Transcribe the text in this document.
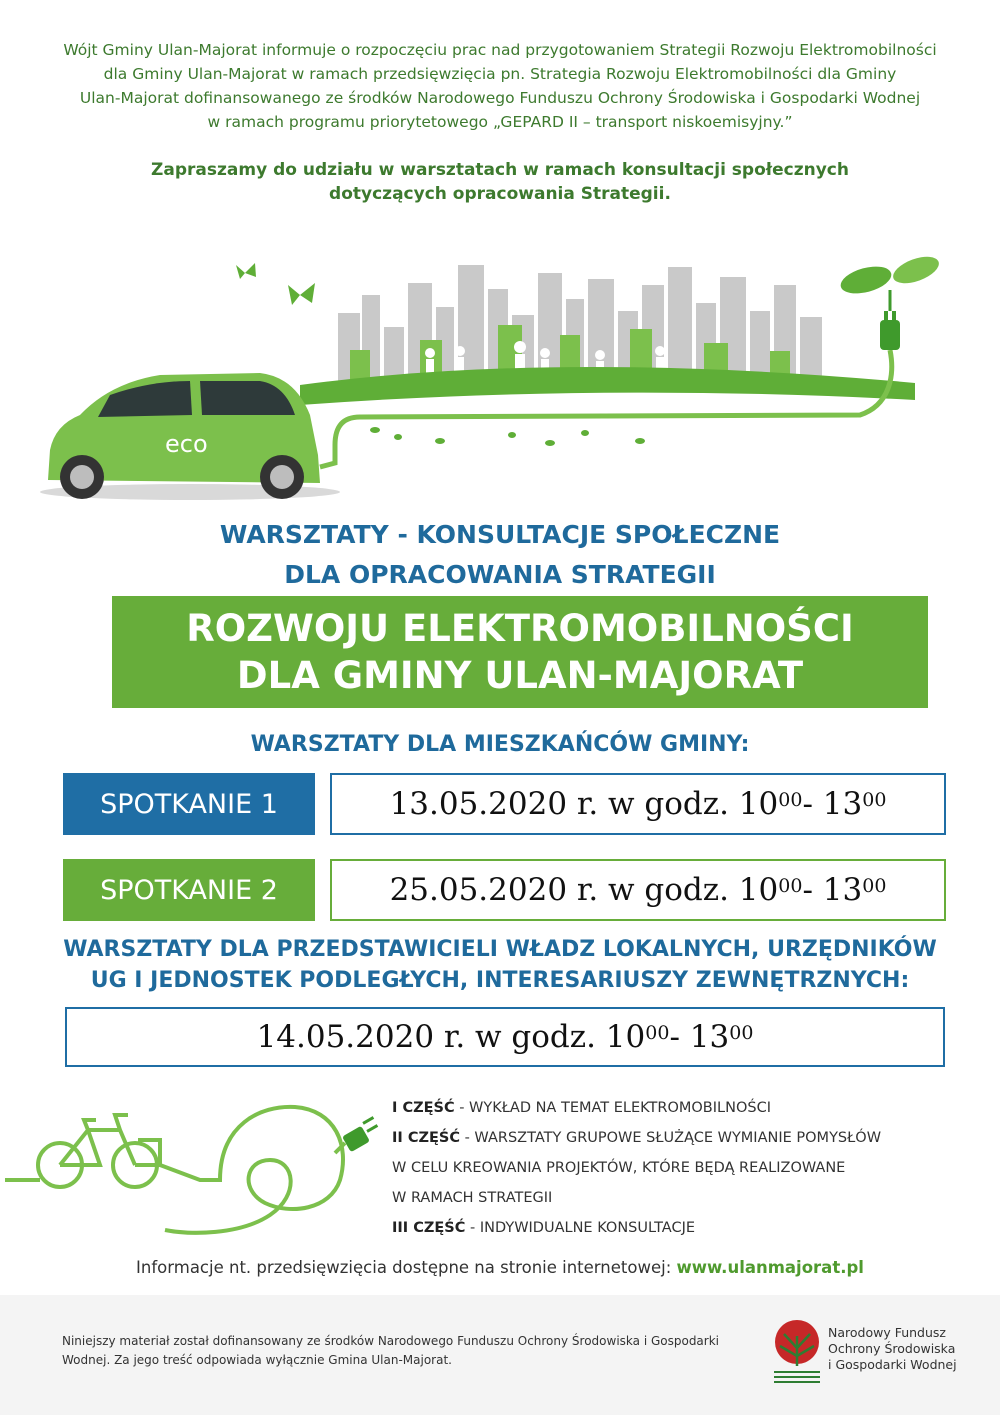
Wójt Gminy Ulan-Majorat informuje o rozpoczęciu prac nad przygotowaniem Strategii Rozwoju Elektromobilności
dla Gminy Ulan-Majorat w ramach przedsięwzięcia pn. Strategia Rozwoju Elektromobilności dla Gminy
Ulan-Majorat dofinansowanego ze środków Narodowego Funduszu Ochrony Środowiska i Gospodarki Wodnej
w ramach programu priorytetowego „GEPARD II – transport niskoemisyjny.”
Zapraszamy do udziału w warsztatach w ramach konsultacji społecznych
dotyczących opracowania Strategii.
eco
WARSZTATY - KONSULTACJE SPOŁECZNE
DLA OPRACOWANIA STRATEGII
ROZWOJU ELEKTROMOBILNOŚCI
DLA GMINY ULAN-MAJORAT
WARSZTATY DLA MIESZKAŃCÓW GMINY:
SPOTKANIE 1	13.05.2020 r. w godz. $10^{00} - 13^{00}$
SPOTKANIE 2	25.05.2020 r. w godz. $10^{00} - 13^{00}$
WARSZTATY DLA PRZEDSTAWICIELI WŁADZ LOKALNYCH, URZĘDNIKÓW
UG I JEDNOSTEK PODLEGŁYCH, INTERESARIUSZY ZEWNĘTRZNYCH:
14.05.2020 r. w godz. $10^{00} - 13^{00}$
I CZĘŚĆ - WYKŁAD NA TEMAT ELEKTROMOBILNOŚCI
II CZĘŚĆ - WARSZTATY GRUPOWE SŁUŻĄCE WYMIANIE POMYSŁÓW
W CELU KREOWANIA PROJEKTÓW, KTÓRE BĘDĄ REALIZOWANE
W RAMACH STRATEGII
III CZĘŚĆ - INDYWIDUALNE KONSULTACJE
Informacje nt. przedsięwzięcia dostępne na stronie internetowej: www.ulanmajorat.pl
Niniejszy materiał został dofinansowany ze środków Narodowego Funduszu Ochrony Środowiska i Gospodarki
Wodnej. Za jego treść odpowiada wyłącznie Gmina Ulan-Majorat.
Narodowy Fundusz
Ochrony Środowiska
i Gospodarki Wodnej
